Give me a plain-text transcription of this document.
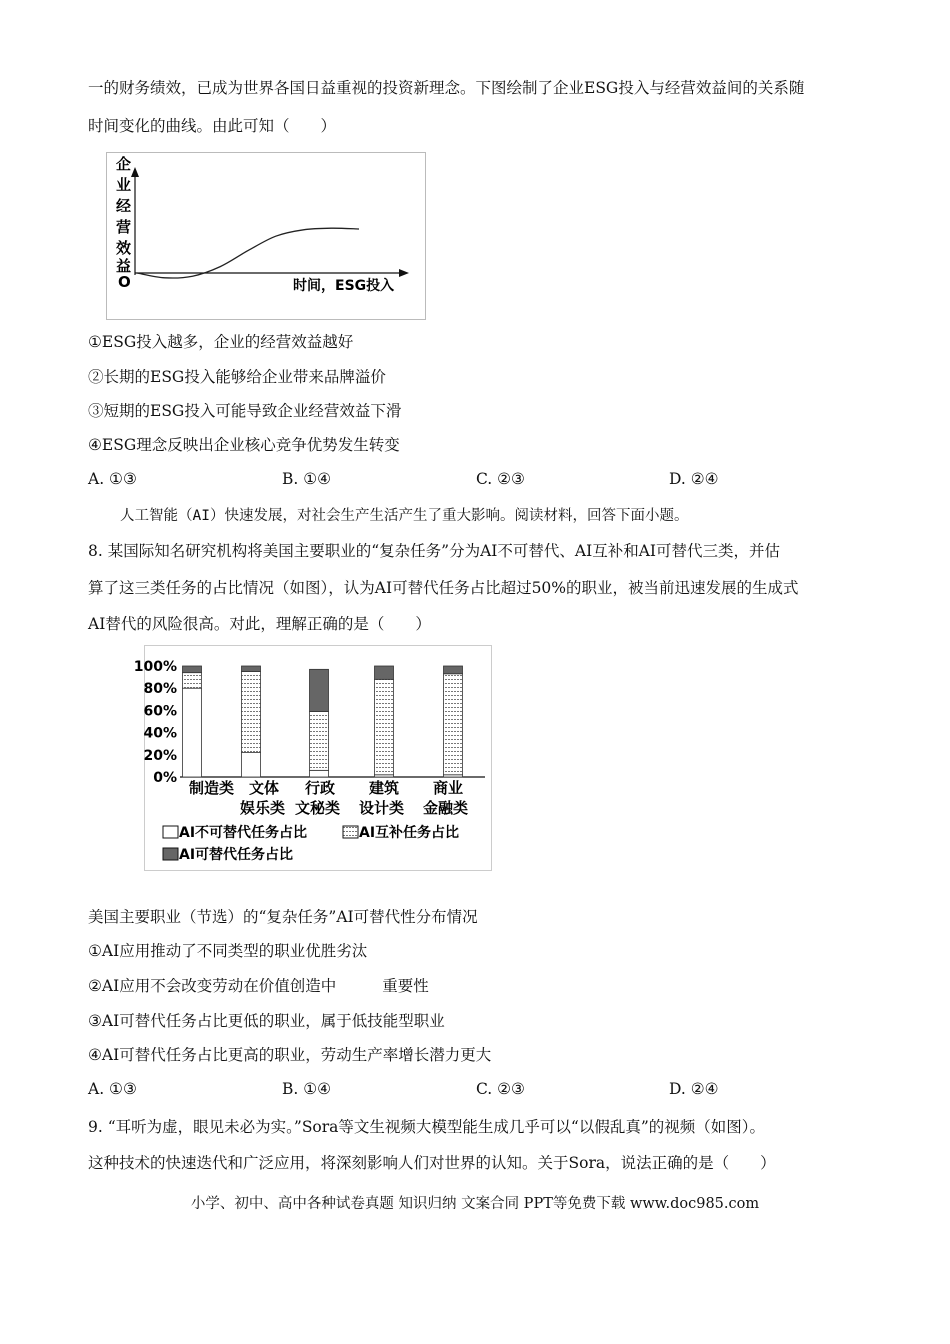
一的财务绩效，已成为世界各国日益重视的投资新理念。下图绘制了企业ESG投入与经营效益间的关系随
时间变化的曲线。由此可知（　　）
企
业
经
营
效
益
O	时间，ESG投入
①ESG投入越多，企业的经营效益越好
②长期的ESG投入能够给企业带来品牌溢价
③短期的ESG投入可能导致企业经营效益下滑
④ESG理念反映出企业核心竞争优势发生转变
A. ①③	B. ①④	C. ②③	D. ②④
人工智能（AI）快速发展，对社会生产生活产生了重大影响。阅读材料，回答下面小题。
8. 某国际知名研究机构将美国主要职业的“复杂任务”分为AI不可替代、AI互补和AI可替代三类，并估
算了这三类任务的占比情况（如图），认为AI可替代任务占比超过50%的职业，被当前迅速发展的生成式
AI替代的风险很高。对此，理解正确的是（　　）
100%
80%
60%
40%
20%
0%
制造类 文体
娱乐类
行政
文秘类
建筑
设计类
商业
金融类
AI不可替代任务占比	AI互补任务占比
AI可替代任务占比
美国主要职业（节选）的“复杂任务”AI可替代性分布情况
①AI应用推动了不同类型的职业优胜劣汰
②AI应用不会改变劳动在价值创造中	重要性
③AI可替代任务占比更低的职业，属于低技能型职业
④AI可替代任务占比更高的职业，劳动生产率增长潜力更大
A. ①③	B. ①④	C. ②③	D. ②④
9. “耳听为虚，眼见未必为实。”Sora等文生视频大模型能生成几乎可以“以假乱真”的视频（如图）。
这种技术的快速迭代和广泛应用，将深刻影响人们对世界的认知。关于Sora，说法正确的是（　　）
小学、初中、高中各种试卷真题 知识归纳 文案合同 PPT等免费下载 www.doc985.com
